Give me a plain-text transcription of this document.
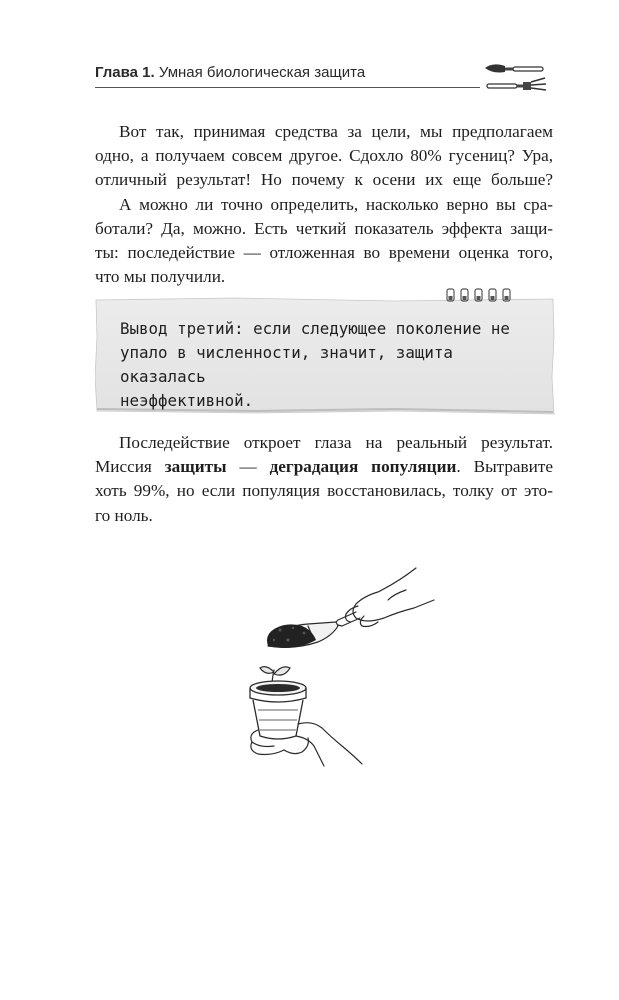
Глава 1. Умная биологическая защита

Вот так, принимая средства за цели, мы предполагаем
одно, а получаем совсем другое. Сдохло 80% гусениц? Ура,
отличный результат! Но почему к осени их еще больше?

А можно ли точно определить, насколько верно вы сра-
ботали? Да, можно. Есть четкий показатель эффекта защи-
ты: последействие — отложенная во времени оценка того,
что мы получили.

Вывод третий: если следующее поколение не
упало в численности, значит, защита оказалась
неэффективной.

Последействие откроет глаза на реальный результат.
Миссия защиты — деградация популяции. Вытравите
хоть 99%, но если популяция восстановилась, толку от это-
го ноль.
